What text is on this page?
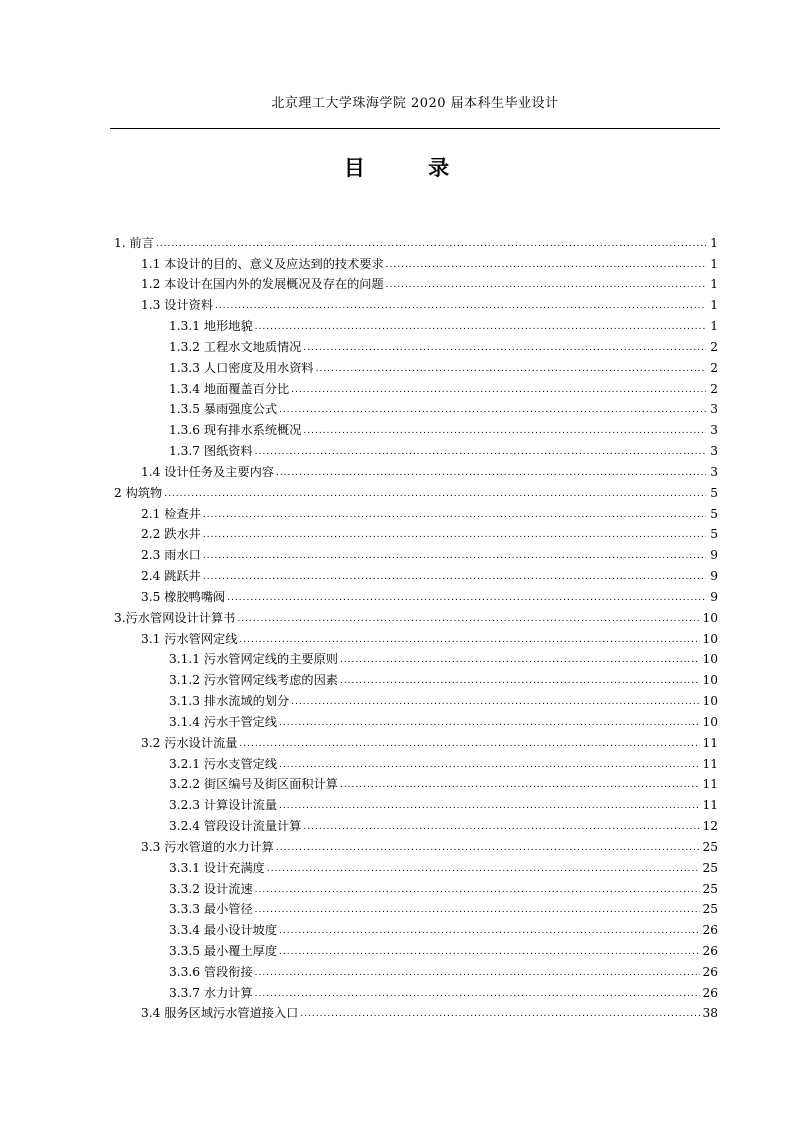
北京理工大学珠海学院 2020 届本科生毕业设计
目 录
1. 前言 .....	1
1.1 本设计的目的、意义及应达到的技术要求 .....	1
1.2 本设计在国内外的发展概况及存在的问题 .....	1
1.3 设计资料 .....	1
1.3.1 地形地貌 .....	1
1.3.2 工程水文地质情况 .....	2
1.3.3 人口密度及用水资料 .....	2
1.3.4 地面覆盖百分比 .....	2
1.3.5 暴雨强度公式 .....	3
1.3.6 现有排水系统概况 .....	3
1.3.7 图纸资料 .....	3
1.4 设计任务及主要内容 .....	3
2 构筑物 .....	5
2.1 检查井 .....	5
2.2 跌水井 .....	5
2.3 雨水口 .....	9
2.4 跳跃井 .....	9
3.5 橡胶鸭嘴阀 .....	9
3.污水管网设计计算书 .....	10
3.1 污水管网定线 .....	10
3.1.1 污水管网定线的主要原则 .....	10
3.1.2 污水管网定线考虑的因素 .....	10
3.1.3 排水流域的划分 .....	10
3.1.4 污水干管定线 .....	10
3.2 污水设计流量 .....	11
3.2.1 污水支管定线 .....	11
3.2.2 街区编号及街区面积计算 .....	11
3.2.3 计算设计流量 .....	11
3.2.4 管段设计流量计算 .....	12
3.3 污水管道的水力计算 .....	25
3.3.1 设计充满度 .....	25
3.3.2 设计流速 .....	25
3.3.3 最小管径 .....	25
3.3.4 最小设计坡度 .....	26
3.3.5 最小覆土厚度 .....	26
3.3.6 管段衔接 .....	26
3.3.7 水力计算 .....	26
3.4 服务区域污水管道接入口 .....	38
